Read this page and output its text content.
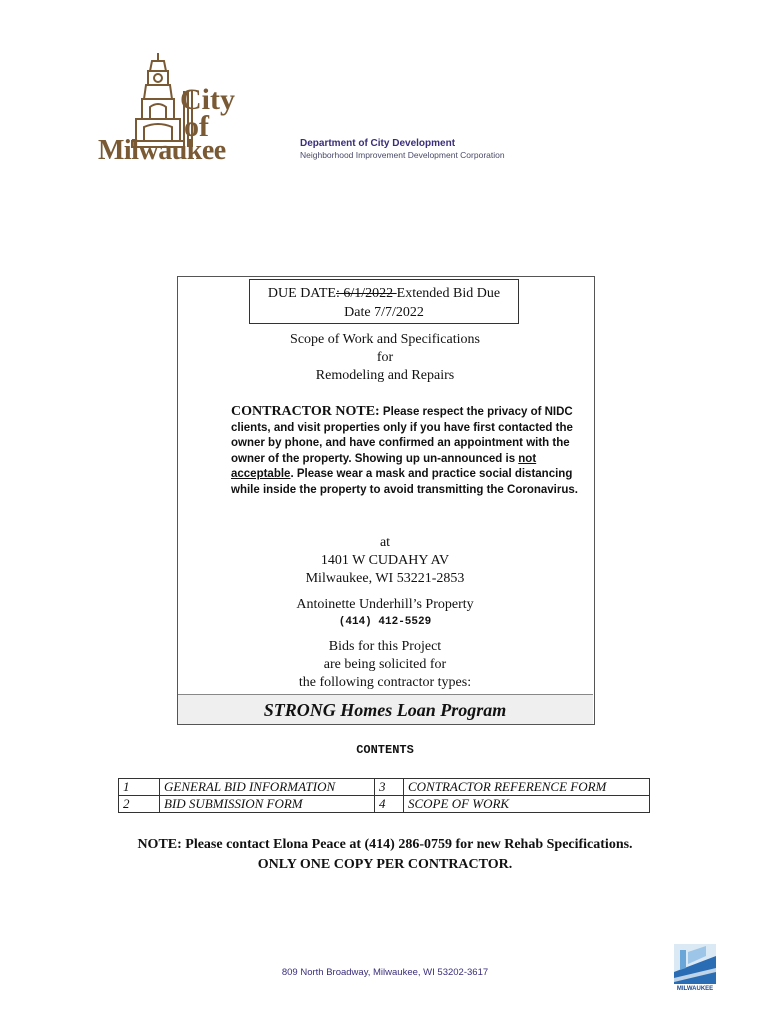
City
of
Milwaukee	Department of City Development
Neighborhood Improvement Development Corporation
DUE DATE: 6/1/2022 Extended Bid Due
Date 7/7/2022
Scope of Work and Specifications
for
Remodeling and Repairs
CONTRACTOR NOTE: Please respect the privacy of NIDC clients, and visit properties only if you have first contacted the owner by phone, and have confirmed an appointment with the owner of the property. Showing up un-announced is not acceptable. Please wear a mask and practice social distancing while inside the property to avoid transmitting the Coronavirus.
at
1401 W CUDAHY AV
Milwaukee, WI 53221-2853
Antoinette Underhill’s Property
(414) 412-5529
Bids for this Project
are being solicited for
the following contractor types:
STRONG Homes Loan Program
CONTENTS
1	GENERAL BID INFORMATION	3	CONTRACTOR REFERENCE FORM
2	BID SUBMISSION FORM	4	SCOPE OF WORK
NOTE: Please contact Elona Peace at (414) 286-0759 for new Rehab Specifications.
ONLY ONE COPY PER CONTRACTOR.
809 North Broadway, Milwaukee, WI 53202-3617
MILWAUKEE
